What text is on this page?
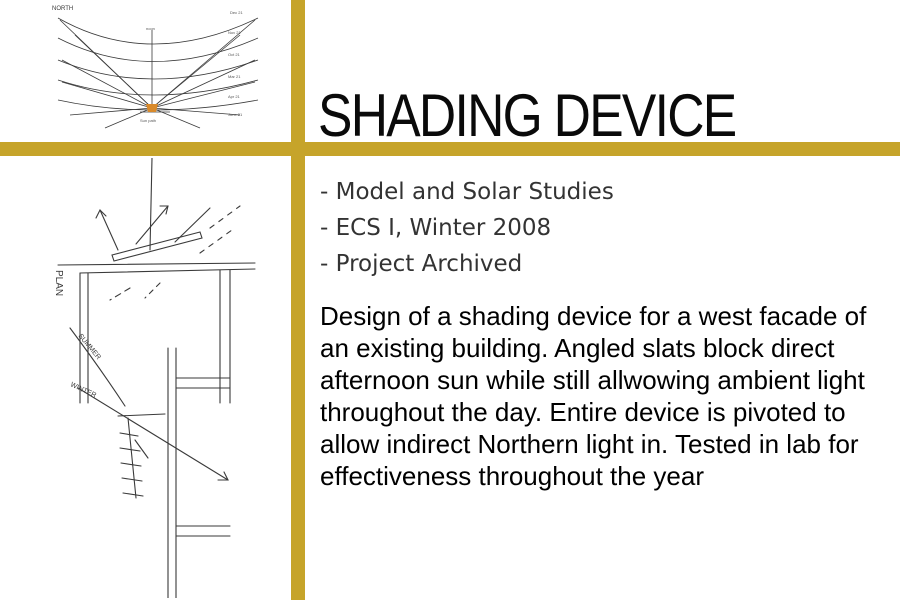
NORTH
Dec 21
Nov 21
Oct 21
Mar 21
Apr 21
June 21
noon
Sun path
PLAN
SUMMER
WINTER
SHADING DEVICE
- Model and Solar Studies
- ECS I, Winter 2008
- Project Archived

Design of a shading device for a west facade of an existing building. Angled slats block direct afternoon sun while still allwowing ambient light throughout the day. Entire device is pivoted to allow indirect Northern light in. Tested in lab for effectiveness throughout the year
